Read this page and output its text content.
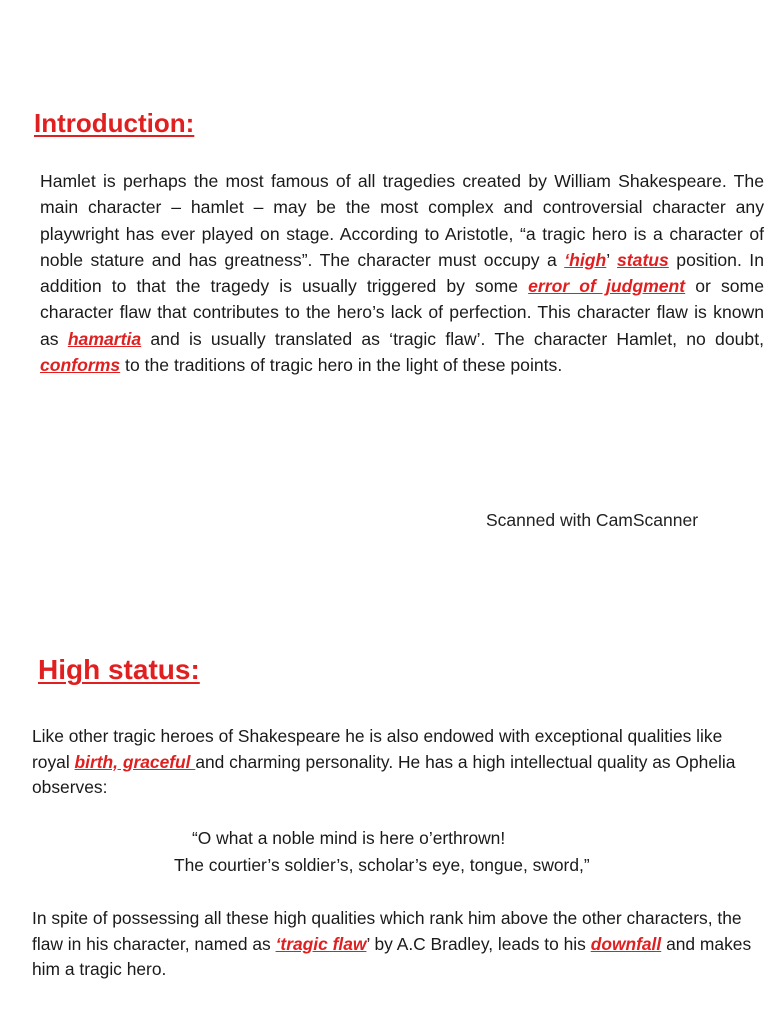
Introduction:

Hamlet is perhaps the most famous of all tragedies created by William Shakespeare. The main character – hamlet – may be the most complex and controversial character any playwright has ever played on stage. According to Aristotle, “a tragic hero is a character of noble stature and has greatness”. The character must occupy a ‘high’ status position. In addition to that the tragedy is usually triggered by some error of judgment or some character flaw that contributes to the hero’s lack of perfection. This character flaw is known as hamartia and is usually translated as ‘tragic flaw’. The character Hamlet, no doubt, conforms to the traditions of tragic hero in the light of these points.

Scanned with CamScanner

High status:

Like other tragic heroes of Shakespeare he is also endowed with exceptional qualities like royal birth, graceful and charming personality. He has a high intellectual quality as Ophelia observes:

“O what a noble mind is here o’erthrown!

The courtier’s soldier’s, scholar’s eye, tongue, sword,”

In spite of possessing all these high qualities which rank him above the other characters, the flaw in his character, named as ‘tragic flaw’ by A.C Bradley, leads to his downfall and makes him a tragic hero.
